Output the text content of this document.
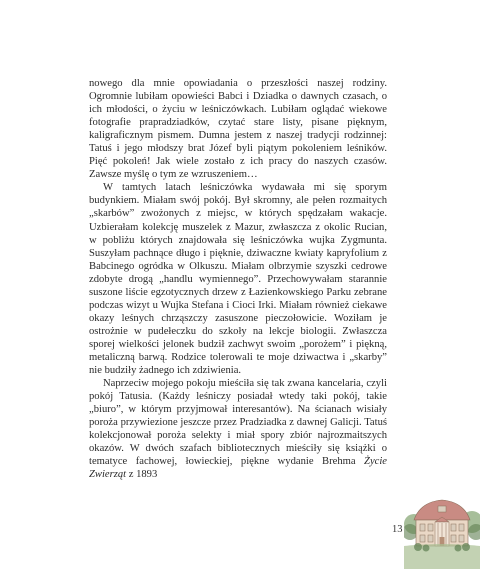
nowego dla mnie opowiadania o przeszłości naszej rodziny. Ogromnie lubiłam opowieści Babci i Dziadka o dawnych czasach, o ich młodości, o życiu w leśniczówkach. Lubiłam oglądać wiekowe fotografie prapradziadków, czytać stare listy, pisane pięknym, kaligraficznym pismem. Dumna jestem z naszej tradycji rodzinnej: Tatuś i jego młodszy brat Józef byli piątym pokoleniem leśników. Pięć pokoleń! Jak wiele zostało z ich pracy do naszych czasów. Zawsze myślę o tym ze wzruszeniem…

W tamtych latach leśniczówka wydawała mi się sporym budynkiem. Miałam swój pokój. Był skromny, ale pełen rozmaitych „skarbów” zwożonych z miejsc, w których spędzałam wakacje. Uzbierałam kolekcję muszelek z Mazur, zwłaszcza z okolic Rucian, w pobliżu których znajdowała się leśniczówka wujka Zygmunta. Suszyłam pachnące długo i pięknie, dziwaczne kwiaty kapryfolium z Babcinego ogródka w Olkuszu. Miałam olbrzymie szyszki cedrowe zdobyte drogą „handlu wymiennego”. Przechowywałam starannie suszone liście egzotycznych drzew z Łazienkowskiego Parku zebrane podczas wizyt u Wujka Stefana i Cioci Irki. Miałam również ciekawe okazy leśnych chrząszczy zasuszone pieczołowicie. Woziłam je ostrożnie w pudełeczku do szkoły na lekcje biologii. Zwłaszcza sporej wielkości jelonek budził zachwyt swoim „porożem” i piękną, metaliczną barwą. Rodzice tolerowali te moje dziwactwa i „skarby” nie budziły żadnego ich zdziwienia.

Naprzeciw mojego pokoju mieściła się tak zwana kancelaria, czyli pokój Tatusia. (Każdy leśniczy posiadał wtedy taki pokój, takie „biuro”, w którym przyjmował interesantów). Na ścianach wisiały poroża przywiezione jeszcze przez Pradziadka z dawnej Galicji. Tatuś kolekcjonował poroża selekty i miał spory zbiór najrozmaitszych okazów. W dwóch szafach bibliotecznych mieściły się książki o tematyce fachowej, łowieckiej, piękne wydanie Brehma Życie Zwierząt z 1893

13
